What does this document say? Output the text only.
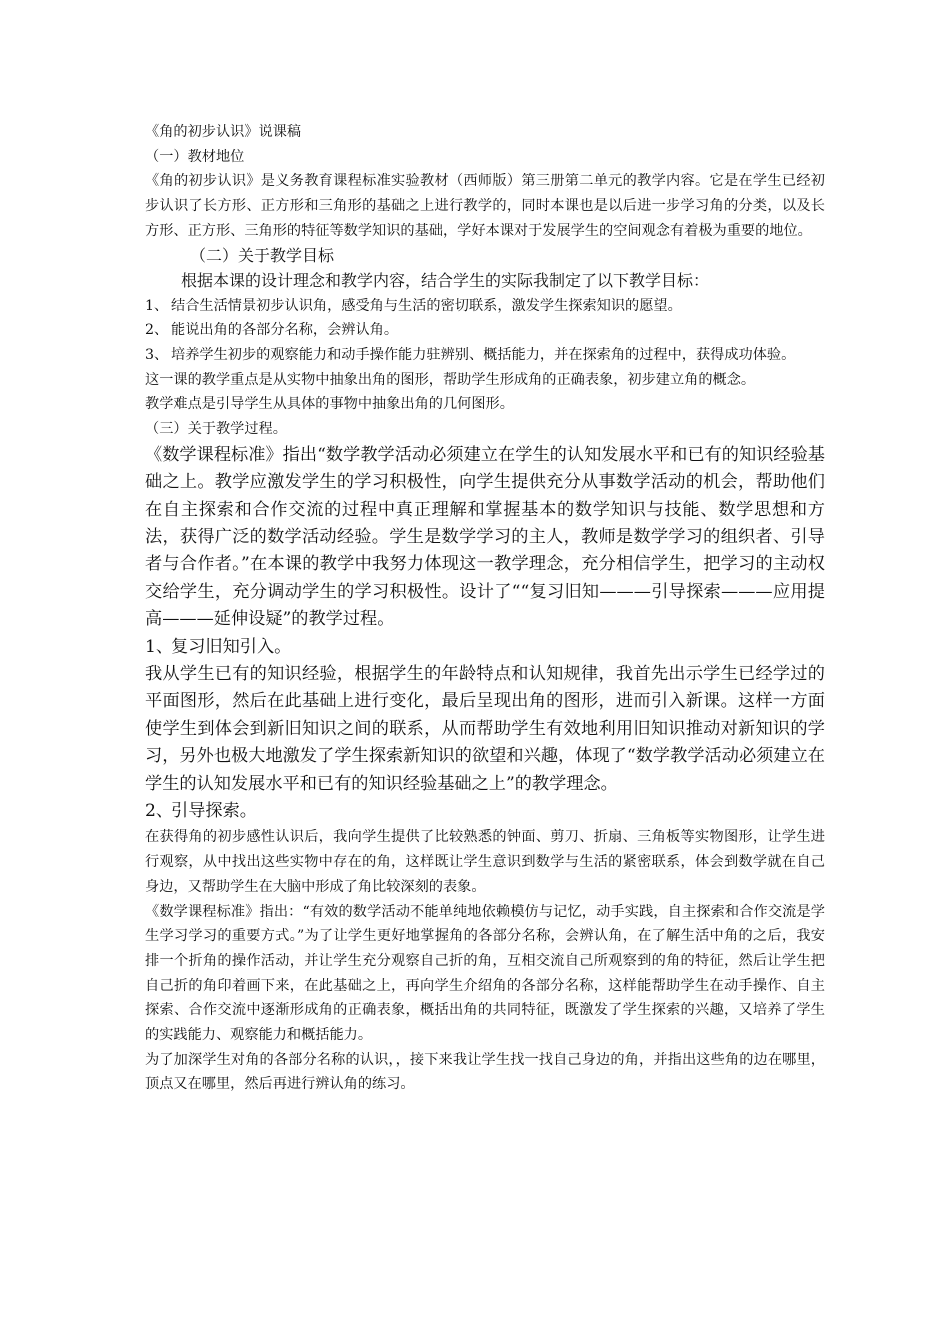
《角的初步认识》说课稿

（一）教材地位

《角的初步认识》是义务教育课程标准实验教材（西师版）第三册第二单元的教学内容。它是在学生已经初步认识了长方形、正方形和三角形的基础之上进行教学的，同时本课也是以后进一步学习角的分类，以及长方形、正方形、三角形的特征等数学知识的基础，学好本课对于发展学生的空间观念有着极为重要的地位。

（二）关于教学目标

根据本课的设计理念和教学内容，结合学生的实际我制定了以下教学目标：

1、 结合生活情景初步认识角，感受角与生活的密切联系，激发学生探索知识的愿望。
2、 能说出角的各部分名称，会辨认角。
3、 培养学生初步的观察能力和动手操作能力驻辨别、概括能力，并在探索角的过程中，获得成功体验。

这一课的教学重点是从实物中抽象出角的图形，帮助学生形成角的正确表象，初步建立角的概念。

教学难点是引导学生从具体的事物中抽象出角的几何图形。

（三）关于教学过程。

《数学课程标准》指出“数学教学活动必须建立在学生的认知发展水平和已有的知识经验基础之上。教学应激发学生的学习积极性，向学生提供充分从事数学活动的机会，帮助他们在自主探索和合作交流的过程中真正理解和掌握基本的数学知识与技能、数学思想和方法，获得广泛的数学活动经验。学生是数学学习的主人，教师是数学学习的组织者、引导者与合作者。”在本课的教学中我努力体现这一教学理念，充分相信学生，把学习的主动权交给学生，充分调动学生的学习积极性。设计了““复习旧知———引导探索———应用提高———延伸设疑”的教学过程。

1、
复习旧知引入。

我从学生已有的知识经验，根据学生的年龄特点和认知规律，我首先出示学生已经学过的平面图形，然后在此基础上进行变化，最后呈现出角的图形，进而引入新课。这样一方面使学生到体会到新旧知识之间的联系，从而帮助学生有效地利用旧知识推动对新知识的学习，另外也极大地激发了学生探索新知识的欲望和兴趣，体现了“数学教学活动必须建立在学生的认知发展水平和已有的知识经验基础之上”的教学理念。

2、
引导探索。

在获得角的初步感性认识后，我向学生提供了比较熟悉的钟面、剪刀、折扇、三角板等实物图形，让学生进行观察，从中找出这些实物中存在的角，这样既让学生意识到数学与生活的紧密联系，体会到数学就在自己身边，又帮助学生在大脑中形成了角比较深刻的表象。

《数学课程标准》指出：“有效的数学活动不能单纯地依赖模仿与记忆，动手实践，自主探索和合作交流是学生学习学习的重要方式。”为了让学生更好地掌握角的各部分名称，会辨认角，在了解生活中角的之后，我安排一个折角的操作活动，并让学生充分观察自己折的角，互相交流自己所观察到的角的特征，然后让学生把自己折的角印着画下来，在此基础之上，再向学生介绍角的各部分名称，这样能帮助学生在动手操作、自主探索、合作交流中逐渐形成角的正确表象，概括出角的共同特征，既激发了学生探索的兴趣，又培养了学生的实践能力、观察能力和概括能力。

为了加深学生对角的各部分名称的认识，，接下来我让学生找一找自己身边的角，并指出这些角的边在哪里，顶点又在哪里，然后再进行辨认角的练习。
